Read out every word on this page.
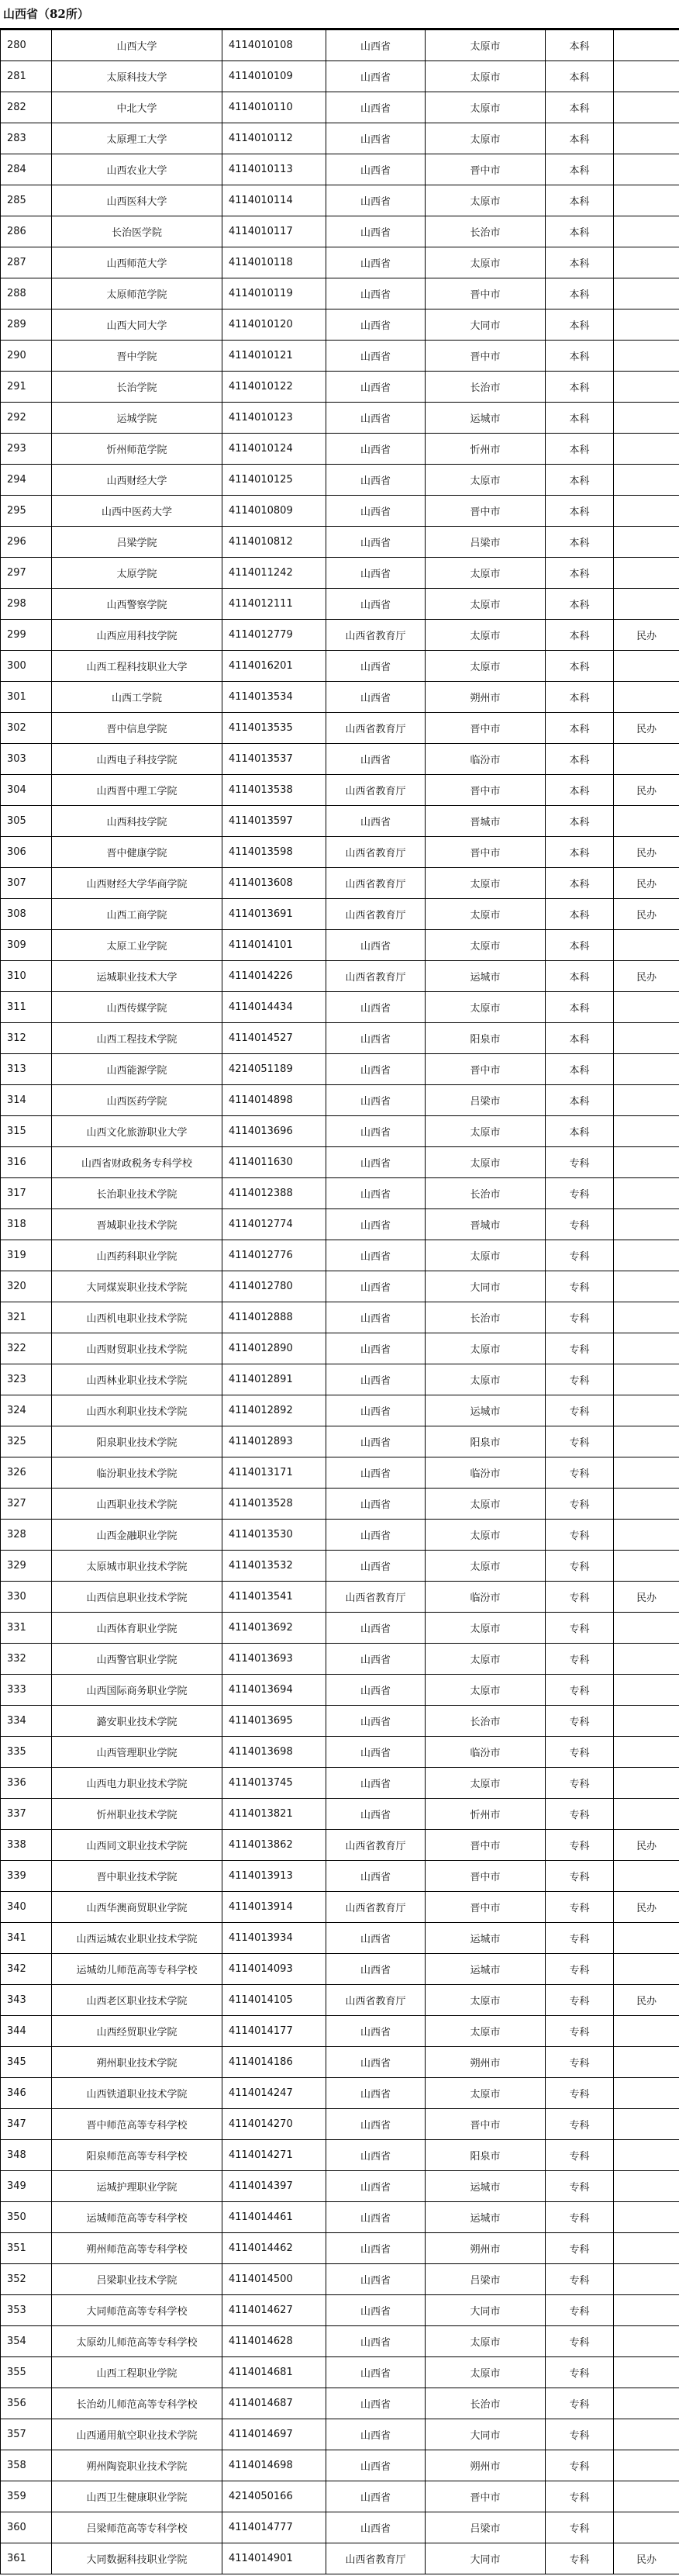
山西省（82所）
280	山西大学	4114010108	山西省	太原市	本科	
281	太原科技大学	4114010109	山西省	太原市	本科	
282	中北大学	4114010110	山西省	太原市	本科	
283	太原理工大学	4114010112	山西省	太原市	本科	
284	山西农业大学	4114010113	山西省	晋中市	本科	
285	山西医科大学	4114010114	山西省	太原市	本科	
286	长治医学院	4114010117	山西省	长治市	本科	
287	山西师范大学	4114010118	山西省	太原市	本科	
288	太原师范学院	4114010119	山西省	晋中市	本科	
289	山西大同大学	4114010120	山西省	大同市	本科	
290	晋中学院	4114010121	山西省	晋中市	本科	
291	长治学院	4114010122	山西省	长治市	本科	
292	运城学院	4114010123	山西省	运城市	本科	
293	忻州师范学院	4114010124	山西省	忻州市	本科	
294	山西财经大学	4114010125	山西省	太原市	本科	
295	山西中医药大学	4114010809	山西省	晋中市	本科	
296	吕梁学院	4114010812	山西省	吕梁市	本科	
297	太原学院	4114011242	山西省	太原市	本科	
298	山西警察学院	4114012111	山西省	太原市	本科	
299	山西应用科技学院	4114012779	山西省教育厅	太原市	本科	民办
300	山西工程科技职业大学	4114016201	山西省	太原市	本科	
301	山西工学院	4114013534	山西省	朔州市	本科	
302	晋中信息学院	4114013535	山西省教育厅	晋中市	本科	民办
303	山西电子科技学院	4114013537	山西省	临汾市	本科	
304	山西晋中理工学院	4114013538	山西省教育厅	晋中市	本科	民办
305	山西科技学院	4114013597	山西省	晋城市	本科	
306	晋中健康学院	4114013598	山西省教育厅	晋中市	本科	民办
307	山西财经大学华商学院	4114013608	山西省教育厅	太原市	本科	民办
308	山西工商学院	4114013691	山西省教育厅	太原市	本科	民办
309	太原工业学院	4114014101	山西省	太原市	本科	
310	运城职业技术大学	4114014226	山西省教育厅	运城市	本科	民办
311	山西传媒学院	4114014434	山西省	太原市	本科	
312	山西工程技术学院	4114014527	山西省	阳泉市	本科	
313	山西能源学院	4214051189	山西省	晋中市	本科	
314	山西医药学院	4114014898	山西省	吕梁市	本科	
315	山西文化旅游职业大学	4114013696	山西省	太原市	本科	
316	山西省财政税务专科学校	4114011630	山西省	太原市	专科	
317	长治职业技术学院	4114012388	山西省	长治市	专科	
318	晋城职业技术学院	4114012774	山西省	晋城市	专科	
319	山西药科职业学院	4114012776	山西省	太原市	专科	
320	大同煤炭职业技术学院	4114012780	山西省	大同市	专科	
321	山西机电职业技术学院	4114012888	山西省	长治市	专科	
322	山西财贸职业技术学院	4114012890	山西省	太原市	专科	
323	山西林业职业技术学院	4114012891	山西省	太原市	专科	
324	山西水利职业技术学院	4114012892	山西省	运城市	专科	
325	阳泉职业技术学院	4114012893	山西省	阳泉市	专科	
326	临汾职业技术学院	4114013171	山西省	临汾市	专科	
327	山西职业技术学院	4114013528	山西省	太原市	专科	
328	山西金融职业学院	4114013530	山西省	太原市	专科	
329	太原城市职业技术学院	4114013532	山西省	太原市	专科	
330	山西信息职业技术学院	4114013541	山西省教育厅	临汾市	专科	民办
331	山西体育职业学院	4114013692	山西省	太原市	专科	
332	山西警官职业学院	4114013693	山西省	太原市	专科	
333	山西国际商务职业学院	4114013694	山西省	太原市	专科	
334	潞安职业技术学院	4114013695	山西省	长治市	专科	
335	山西管理职业学院	4114013698	山西省	临汾市	专科	
336	山西电力职业技术学院	4114013745	山西省	太原市	专科	
337	忻州职业技术学院	4114013821	山西省	忻州市	专科	
338	山西同文职业技术学院	4114013862	山西省教育厅	晋中市	专科	民办
339	晋中职业技术学院	4114013913	山西省	晋中市	专科	
340	山西华澳商贸职业学院	4114013914	山西省教育厅	晋中市	专科	民办
341	山西运城农业职业技术学院	4114013934	山西省	运城市	专科	
342	运城幼儿师范高等专科学校	4114014093	山西省	运城市	专科	
343	山西老区职业技术学院	4114014105	山西省教育厅	太原市	专科	民办
344	山西经贸职业学院	4114014177	山西省	太原市	专科	
345	朔州职业技术学院	4114014186	山西省	朔州市	专科	
346	山西铁道职业技术学院	4114014247	山西省	太原市	专科	
347	晋中师范高等专科学校	4114014270	山西省	晋中市	专科	
348	阳泉师范高等专科学校	4114014271	山西省	阳泉市	专科	
349	运城护理职业学院	4114014397	山西省	运城市	专科	
350	运城师范高等专科学校	4114014461	山西省	运城市	专科	
351	朔州师范高等专科学校	4114014462	山西省	朔州市	专科	
352	吕梁职业技术学院	4114014500	山西省	吕梁市	专科	
353	大同师范高等专科学校	4114014627	山西省	大同市	专科	
354	太原幼儿师范高等专科学校	4114014628	山西省	太原市	专科	
355	山西工程职业学院	4114014681	山西省	太原市	专科	
356	长治幼儿师范高等专科学校	4114014687	山西省	长治市	专科	
357	山西通用航空职业技术学院	4114014697	山西省	大同市	专科	
358	朔州陶瓷职业技术学院	4114014698	山西省	朔州市	专科	
359	山西卫生健康职业学院	4214050166	山西省	晋中市	专科	
360	吕梁师范高等专科学校	4114014777	山西省	吕梁市	专科	
361	大同数据科技职业学院	4114014901	山西省教育厅	大同市	专科	民办
